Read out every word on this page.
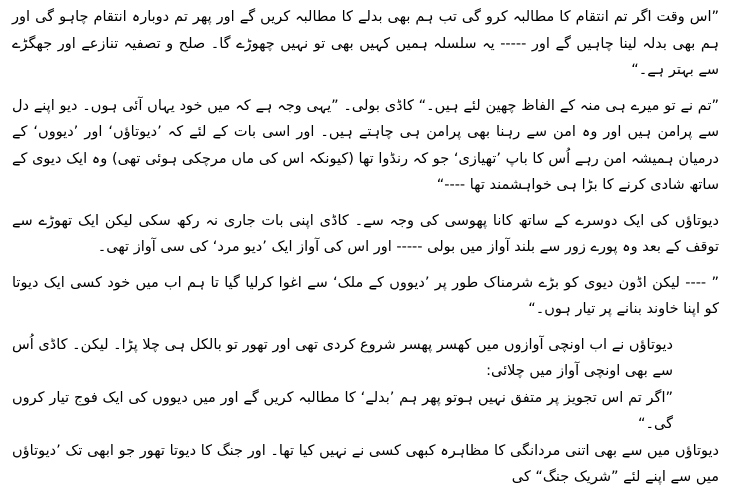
”اس وقت اگر تم انتقام کا مطالبہ کرو گی تب ہم بھی بدلے کا مطالبہ کریں گے اور پھر تم دوبارہ انتقام چاہو گی اور ہم بھی بدلہ لینا چاہیں گے اور ----- یہ سلسلہ ہمیں کہیں بھی تو نہیں چھوڑے گا۔ صلح و تصفیہ تنازعے اور جھگڑے سے بہتر ہے۔“

”تم نے تو میرے ہی منہ کے الفاظ چھین لئے ہیں۔“ کاڈی بولی۔ ”یہی وجہ ہے کہ میں خود یہاں آئی ہوں۔ دیو اپنے دل سے پرامن ہیں اور وہ امن سے رہنا بھی پرامن ہی چاہتے ہیں۔ اور اسی بات کے لئے کہ ’دیوتاؤں‘ اور ’دیووں‘ کے درمیان ہمیشہ امن رہے اُس کا باپ ’تھیازی‘ جو کہ رنڈوا تھا (کیونکہ اس کی ماں مرچکی ہوئی تھی) وہ ایک دیوی کے ساتھ شادی کرنے کا بڑا ہی خواہشمند تھا ----“

دیوتاؤں کی ایک دوسرے کے ساتھ کانا پھوسی کی وجہ سے۔ کاڈی اپنی بات جاری نہ رکھ سکی لیکن ایک تھوڑے سے توقف کے بعد وہ پورے زور سے بلند آواز میں بولی ----- اور اس کی آواز ایک ’دیو مرد‘ کی سی آواز تھی۔

” ---- لیکن اڈون دیوی کو بڑے شرمناک طور پر ’دیووں کے ملک‘ سے اغوا کرلیا گیا تا ہم اب میں خود کسی ایک دیوتا کو اپنا خاوند بنانے پر تیار ہوں۔“

دیوتاؤں نے اب اونچی آوازوں میں کھسر پھسر شروع کردی تھی اور تھور تو بالکل ہی چلا پڑا۔ لیکن۔ کاڈی اُس سے بھی اونچی آواز میں چلائی:

”اگر تم اس تجویز پر متفق نہیں ہوتو پھر ہم ’بدلے‘ کا مطالبہ کریں گے اور میں دیووں کی ایک فوج تیار کروں گی۔“

دیوتاؤں میں سے بھی اتنی مردانگی کا مظاہرہ کبھی کسی نے نہیں کیا تھا۔ اور جنگ کا دیوتا تھور جو ابھی تک ’دیوتاؤں میں سے اپنے لئے ”شریک جنگ“ کی
